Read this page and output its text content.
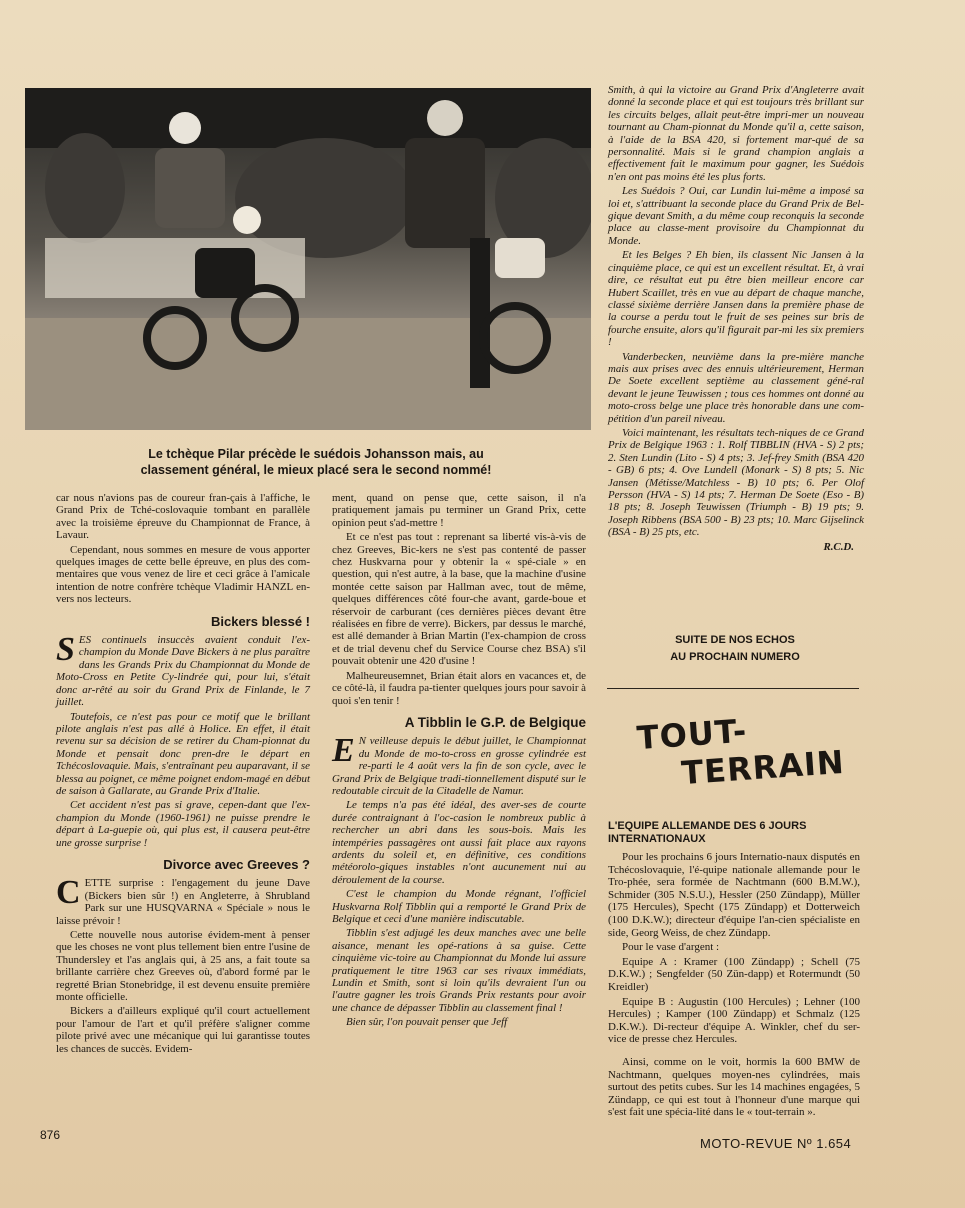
Le tchèque Pilar précède le suédois Johansson mais, au classement général, le mieux placé sera le second nommé!

car nous n'avions pas de coureur fran-çais à l'affiche, le Grand Prix de Tché-coslovaquie tombant en parallèle avec la troisième épreuve du Championnat de France, à Lavaur.

Cependant, nous sommes en mesure de vous apporter quelques images de cette belle épreuve, en plus des com-mentaires que vous venez de lire et ceci grâce à l'amicale intention de notre confrère tchèque Vladimir HANZL en-vers nos lecteurs.

Bickers blessé !

SES continuels insuccès avaient conduit l'ex-champion du Monde Dave Bickers à ne plus paraître dans les Grands Prix du Championnat du Monde de Moto-Cross en Petite Cy-lindrée qui, pour lui, s'était donc ar-rêté au soir du Grand Prix de Finlande, le 7 juillet.

Toutefois, ce n'est pas pour ce motif que le brillant pilote anglais n'est pas allé à Holice. En effet, il était revenu sur sa décision de se retirer du Cham-pionnat du Monde et pensait donc pren-dre le départ en Tchécoslovaquie. Mais, s'entraînant peu auparavant, il se blessa au poignet, ce même poignet endom-magé en début de saison à Gallarate, au Grande Prix d'Italie.

Cet accident n'est pas si grave, cepen-dant que l'ex-champion du Monde (1960-1961) ne puisse prendre le départ à La-guepie où, qui plus est, il causera peut-être une grosse surprise !

Divorce avec Greeves ?

CETTE surprise : l'engagement du jeune Dave (Bickers bien sûr !) en Angleterre, à Shrubland Park sur une HUSQVARNA « Spéciale » nous le laisse prévoir !

Cette nouvelle nous autorise évidem-ment à penser que les choses ne vont plus tellement bien entre l'usine de Thundersley et l'as anglais qui, à 25 ans, a fait toute sa brillante carrière chez Greeves où, d'abord formé par le regretté Brian Stonebridge, il est devenu ensuite première monte officielle.

Bickers a d'ailleurs expliqué qu'il court actuellement pour l'amour de l'art et qu'il préfère s'aligner comme pilote privé avec une mécanique qui lui garantisse toutes les chances de succès. Evidem-

ment, quand on pense que, cette saison, il n'a pratiquement jamais pu terminer un Grand Prix, cette opinion peut s'ad-mettre !

Et ce n'est pas tout : reprenant sa liberté vis-à-vis de chez Greeves, Bic-kers ne s'est pas contenté de passer chez Huskvarna pour y obtenir la « spé-ciale » en question, qui n'est autre, à la base, que la machine d'usine montée cette saison par Hallman avec, tout de même, quelques différences côté four-che avant, garde-boue et réservoir de carburant (ces dernières pièces devant être réalisées en fibre de verre). Bickers, par dessus le marché, est allé demander à Brian Martin (l'ex-champion de cross et de trial devenu chef du Service Course chez BSA) s'il pouvait obtenir une 420 d'usine !

Malheureusemnet, Brian était alors en vacances et, de ce côté-là, il faudra pa-tienter quelques jours pour savoir à quoi s'en tenir !

A Tibblin le G.P. de Belgique

E N veilleuse depuis le début juillet, le Championnat du Monde de mo-to-cross en grosse cylindrée est re-parti le 4 août vers la fin de son cycle, avec le Grand Prix de Belgique tradi-tionnellement disputé sur le redoutable circuit de la Citadelle de Namur.

Le temps n'a pas été idéal, des aver-ses de courte durée contraignant à l'oc-casion le nombreux public à rechercher un abri dans les sous-bois. Mais les intempéries passagères ont aussi fait place aux rayons ardents du soleil et, en définitive, ces conditions météorolo-giques instables n'ont aucunement nui au déroulement de la course.

C'est le champion du Monde régnant, l'officiel Huskvarna Rolf Tibblin qui a remporté le Grand Prix de Belgique et ceci d'une manière indiscutable.

Tibblin s'est adjugé les deux manches avec une belle aisance, menant les opé-rations à sa guise. Cette cinquième vic-toire au Championnat du Monde lui assure pratiquement le titre 1963 car ses rivaux immédiats, Lundin et Smith, sont si loin qu'ils devraient l'un ou l'autre gagner les trois Grands Prix restants pour avoir une chance de dépasser Tibblin au classement final !

Bien sûr, l'on pouvait penser que Jeff

Smith, à qui la victoire au Grand Prix d'Angleterre avait donné la seconde place et qui est toujours très brillant sur les circuits belges, allait peut-être impri-mer un nouveau tournant au Cham-pionnat du Monde qu'il a, cette saison, à l'aide de la BSA 420, si fortement mar-qué de sa personnalité. Mais si le grand champion anglais a effectivement fait le maximum pour gagner, les Suédois n'en ont pas moins été les plus forts.

Les Suédois ? Oui, car Lundin lui-même a imposé sa loi et, s'attribuant la seconde place du Grand Prix de Bel-gique devant Smith, a du même coup reconquis la seconde place au classe-ment provisoire du Championnat du Monde.

Et les Belges ? Eh bien, ils classent Nic Jansen à la cinquième place, ce qui est un excellent résultat. Et, à vrai dire, ce résultat eut pu être bien meilleur encore car Hubert Scaillet, très en vue au départ de chaque manche, classé sixième derrière Jansen dans la première phase de la course a perdu tout le fruit de ses peines sur bris de fourche ensuite, alors qu'il figurait par-mi les six premiers !

Vanderbecken, neuvième dans la pre-mière manche mais aux prises avec des ennuis ultérieurement, Herman De Soete excellent septième au classement géné-ral devant le jeune Teuwissen ; tous ces hommes ont donné au moto-cross belge une place très honorable dans une com-pétition d'un pareil niveau.

Voici maintenant, les résultats tech-niques de ce Grand Prix de Belgique 1963 : 1. Rolf TIBBLIN (HVA - S) 2 pts; 2. Sten Lundin (Lito - S) 4 pts; 3. Jef-frey Smith (BSA 420 - GB) 6 pts; 4. Ove Lundell (Monark - S) 8 pts; 5. Nic Jansen (Métisse/Matchless - B) 10 pts; 6. Per Olof Persson (HVA - S) 14 pts; 7. Herman De Soete (Eso - B) 18 pts; 8. Joseph Teuwissen (Triumph - B) 19 pts; 9. Joseph Ribbens (BSA 500 - B) 23 pts; 10. Marc Gijselinck (BSA - B) 25 pts, etc.

R.C.D.
SUITE DE NOS ECHOS
AU PROCHAIN NUMERO
TOUT-
TERRAIN
L'EQUIPE ALLEMANDE DES 6 JOURS INTERNATIONAUX

Pour les prochains 6 jours Internatio-naux disputés en Tchécoslovaquie, l'é-quipe nationale allemande pour le Tro-phée, sera formée de Nachtmann (600 B.M.W.), Schmider (305 N.S.U.), Hessler (250 Zündapp), Müller (175 Hercules), Specht (175 Zündapp) et Dotterweich (100 D.K.W.); directeur d'équipe l'an-cien spécialiste en side, Georg Weiss, de chez Zündapp.

Pour le vase d'argent :

Equipe A : Kramer (100 Zündapp) ; Schell (75 D.K.W.) ; Sengfelder (50 Zün-dapp) et Rotermundt (50 Kreidler)

Equipe B : Augustin (100 Hercules) ; Lehner (100 Hercules) ; Kamper (100 Zündapp) et Schmalz (125 D.K.W.). Di-recteur d'équipe A. Winkler, chef du ser-vice de presse chez Hercules.

Ainsi, comme on le voit, hormis la 600 BMW de Nachtmann, quelques moyen-nes cylindrées, mais surtout des petits cubes. Sur les 14 machines engagées, 5 Zündapp, ce qui est tout à l'honneur d'une marque qui s'est fait une spécia-lité dans le « tout-terrain ».

876
MOTO-REVUE Nº 1.654
